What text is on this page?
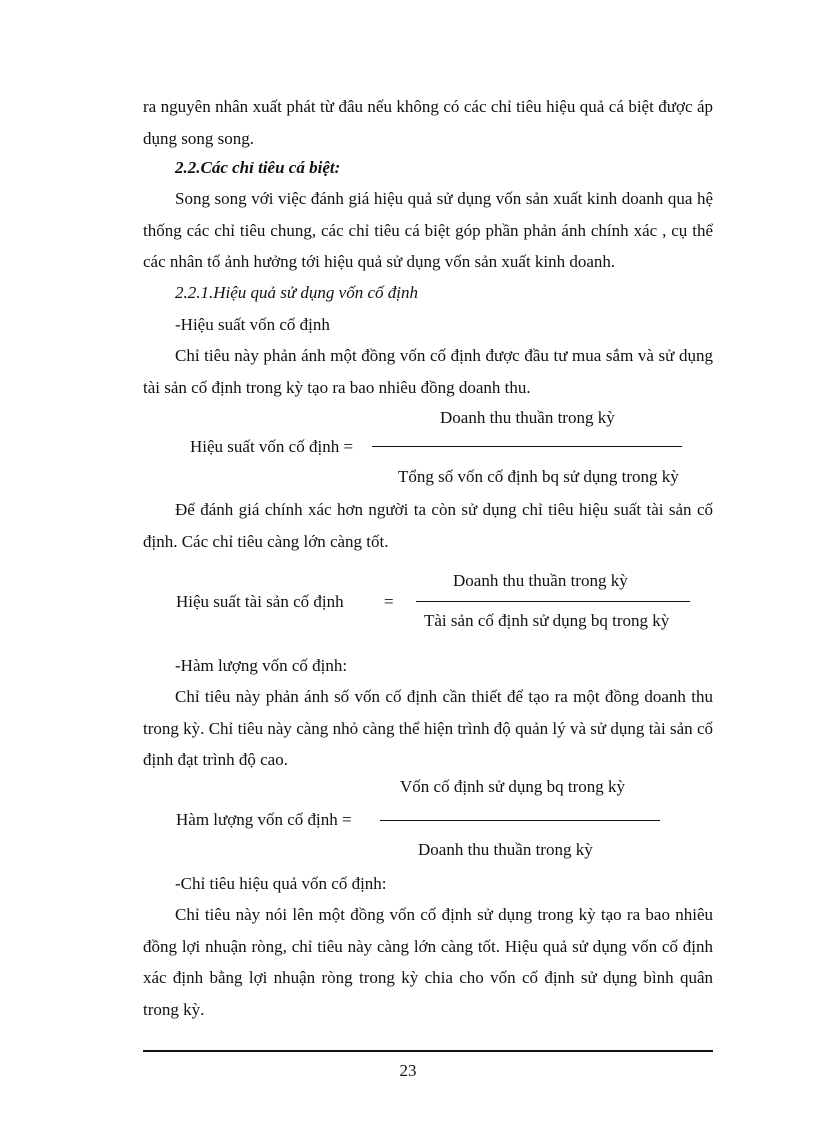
ra nguyên nhân xuất phát từ đâu nếu không có các chỉ tiêu hiệu quả cá biệt được áp dụng song song.

2.2.Các chỉ tiêu cá biệt:

Song song với việc đánh giá hiệu quả sử dụng vốn sản xuất kinh doanh qua hệ thống các chỉ tiêu chung, các chỉ tiêu cá biệt góp phần phản ánh chính xác , cụ thể các nhân tố ảnh hưởng tới hiệu quả sử dụng vốn sản xuất kinh doanh.

2.2.1.Hiệu quả sử dụng vốn cố định

-Hiệu suất vốn cố định

Chỉ tiêu này phản ánh một đồng vốn cố định được đầu tư mua sắm và sử dụng tài sản cố định trong kỳ tạo ra bao nhiêu đồng doanh thu.

Doanh thu thuần trong kỳ
Hiệu suất vốn cố định =
Tổng số vốn cố định bq sử dụng trong kỳ

Để đánh giá chính xác hơn người ta còn sử dụng chỉ tiêu hiệu suất tài sản cố định. Các chỉ tiêu càng lớn càng tốt.

Doanh thu thuần trong kỳ
Hiệu suất tài sản cố định =
Tài sản cố định sử dụng bq trong kỳ

-Hàm lượng vốn cố định:

Chỉ tiêu này phản ánh số vốn cố định cần thiết để tạo ra một đồng doanh thu trong kỳ. Chỉ tiêu này càng nhỏ càng thể hiện trình độ quản lý và sử dụng tài sản cố định đạt trình độ cao.

Vốn cố định sử dụng bq trong kỳ
Hàm lượng vốn cố định =
Doanh thu thuần trong kỳ

-Chỉ tiêu hiệu quả vốn cố định:

Chỉ tiêu này nói lên một đồng vốn cố định sử dụng trong kỳ tạo ra bao nhiêu đồng lợi nhuận ròng, chỉ tiêu này càng lớn càng tốt. Hiệu quả sử dụng vốn cố định xác định bằng lợi nhuận ròng trong kỳ chia cho vốn cố định sử dụng bình quân trong kỳ.

23
